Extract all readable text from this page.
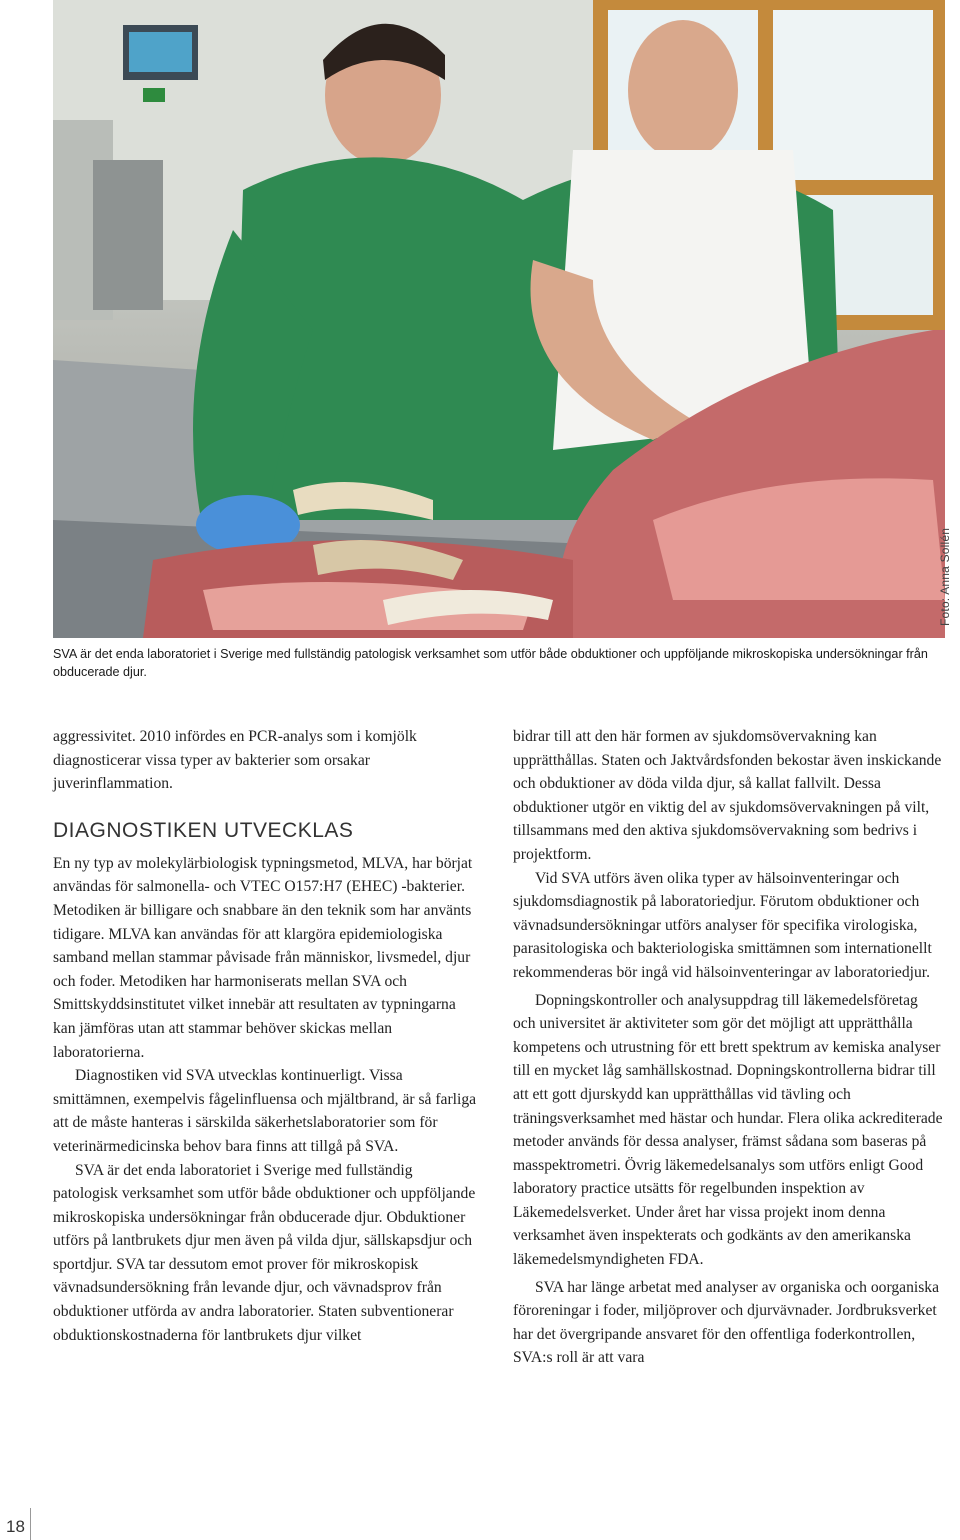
Foto: Anna Sollén
SVA är det enda laboratoriet i Sverige med fullständig patologisk verksamhet som utför både obduktioner och uppföljande mikroskopiska undersökningar från obducerade djur.

aggressivitet. 2010 infördes en PCR-analys som i komjölk diagnosticerar vissa typer av bakterier som orsakar juverinflammation.

DIAGNOSTIKEN UTVECKLAS

En ny typ av molekylärbiologisk typningsmetod, MLVA, har börjat användas för salmonella- och VTEC O157:H7 (EHEC) -bakterier. Metodiken är billigare och snabbare än den teknik som har använts tidigare. MLVA kan användas för att klargöra epidemiologiska samband mellan stammar påvisade från människor, livsmedel, djur och foder. Metodiken har harmoniserats mellan SVA och Smittskyddsinstitutet vilket innebär att resultaten av typningarna kan jämföras utan att stammar behöver skickas mellan laboratorierna.

Diagnostiken vid SVA utvecklas kontinuerligt. Vissa smittämnen, exempelvis fågelinfluensa och mjältbrand, är så farliga att de måste hanteras i särskilda säkerhetslaboratorier som för veterinärmedicinska behov bara finns att tillgå på SVA.

SVA är det enda laboratoriet i Sverige med fullständig patologisk verksamhet som utför både obduktioner och uppföljande mikroskopiska undersökningar från obducerade djur. Obduktioner utförs på lantbrukets djur men även på vilda djur, sällskapsdjur och sportdjur. SVA tar dessutom emot prover för mikroskopisk vävnadsundersökning från levande djur, och vävnadsprov från obduktioner utförda av andra laboratorier. Staten subventionerar obduktionskostnaderna för lantbrukets djur vilket

bidrar till att den här formen av sjukdomsövervakning kan upprätthållas. Staten och Jaktvårdsfonden bekostar även inskickande och obduktioner av döda vilda djur, så kallat fallvilt. Dessa obduktioner utgör en viktig del av sjukdomsövervakningen på vilt, tillsammans med den aktiva sjukdomsövervakning som bedrivs i projektform.

Vid SVA utförs även olika typer av hälsoinventeringar och sjukdomsdiagnostik på laboratoriedjur. Förutom obduktioner och vävnadsundersökningar utförs analyser för specifika virologiska, parasitologiska och bakteriologiska smittämnen som internationellt rekommenderas bör ingå vid hälsoinventeringar av laboratoriedjur.

Dopningskontroller och analysuppdrag till läkemedelsföretag och universitet är aktiviteter som gör det möjligt att upprätthålla kompetens och utrustning för ett brett spektrum av kemiska analyser till en mycket låg samhällskostnad. Dopningskontrollerna bidrar till att ett gott djurskydd kan upprätthållas vid tävling och träningsverksamhet med hästar och hundar. Flera olika ackrediterade metoder används för dessa analyser, främst sådana som baseras på masspektrometri. Övrig läkemedelsanalys som utförs enligt Good laboratory practice utsätts för regelbunden inspektion av Läkemedelsverket. Under året har vissa projekt inom denna verksamhet även inspekterats och godkänts av den amerikanska läkemedelsmyndigheten FDA.

SVA har länge arbetat med analyser av organiska och oorganiska föroreningar i foder, miljöprover och djurvävnader. Jordbruksverket har det övergripande ansvaret för den offentliga foderkontrollen, SVA:s roll är att vara

18
